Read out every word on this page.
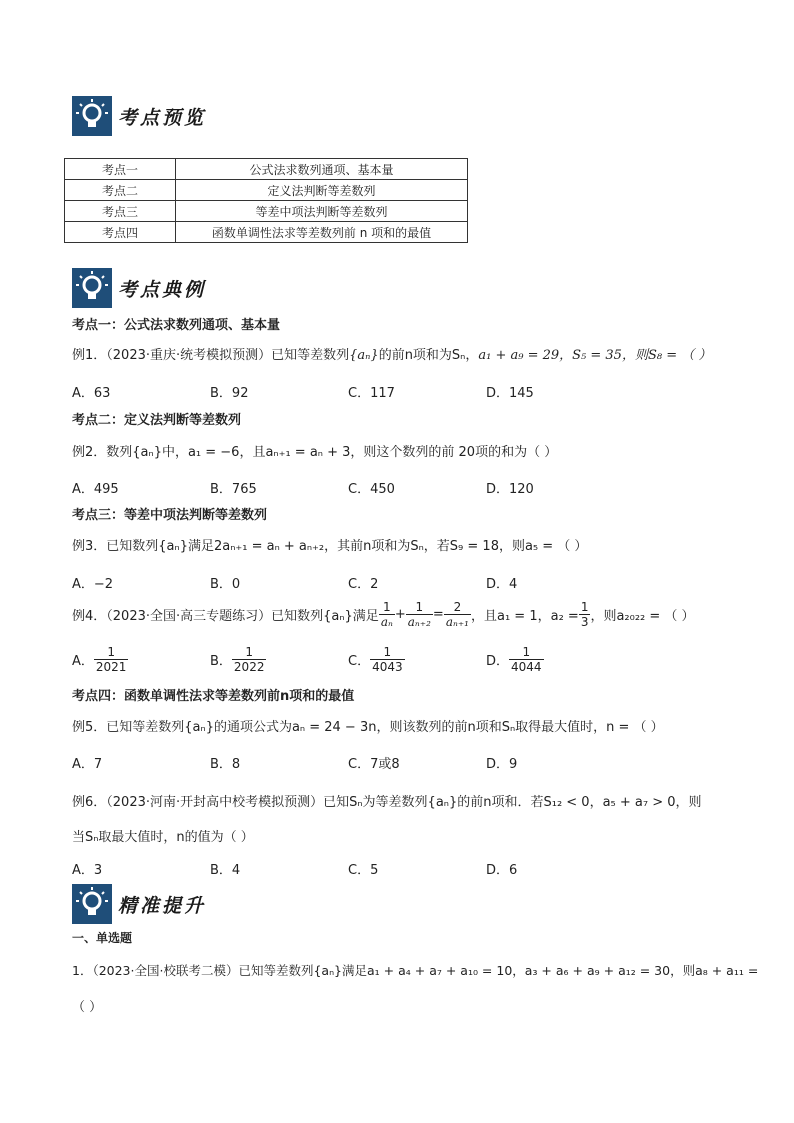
考点预览
考点一	公式法求数列通项、基本量
考点二	定义法判断等差数列
考点三	等差中项法判断等差数列
考点四	函数单调性法求等差数列前 n 项和的最值
考点典例
考点一：公式法求数列通项、基本量
例1．（2023·重庆·统考模拟预测）已知等差数列{aₙ}的前n项和为Sₙ，a₁ + a₉ = 29，S₅ = 35，则S₈ = （ ）
A．63	B．92	C．117	D．145
考点二：定义法判断等差数列
例2．数列{aₙ}中，a₁ = −6，且aₙ₊₁ = aₙ + 3，则这个数列的前 20项的和为（ ）
A．495	B．765	C．450	D．120
考点三：等差中项法判断等差数列
例3．已知数列{aₙ}满足2aₙ₊₁ = aₙ + aₙ₊₂，其前n项和为Sₙ，若S₉ = 18，则a₅ = （ ）
A．−2	B．0	C．2	D．4
例4．（2023·全国·高三专题练习）已知数列{aₙ}满足 $\frac{1}{\text{aₙ}} + \frac{1}{\text{aₙ₊₂}} = \frac{2}{\text{aₙ₊₁}}$ ，且a₁ = 1，$a_2 = \frac{1}{3}$ ，则a₂₀₂₂ = （ ）
A． $\frac{1}{2021}$	B． $\frac{1}{2022}$	C． $\frac{1}{4043}$	D． $\frac{1}{4044}$
考点四：函数单调性法求等差数列前n项和的最值
例5．已知等差数列{aₙ}的通项公式为aₙ = 24 − 3n，则该数列的前n项和Sₙ取得最大值时，n = （ ）
A．7	B．8	C．7或8	D．9
例6．（2023·河南·开封高中校考模拟预测）已知Sₙ为等差数列{aₙ}的前n项和．若S₁₂ < 0，a₅ + a₇ > 0，则
当Sₙ取最大值时，n的值为（ ）
A．3	B．4	C．5	D．6
精准提升
一、单选题
1．（2023·全国·校联考二模）已知等差数列{aₙ}满足a₁ + a₄ + a₇ + a₁₀ = 10，a₃ + a₆ + a₉ + a₁₂ = 30，则a₈ + a₁₁ =
（ ）
